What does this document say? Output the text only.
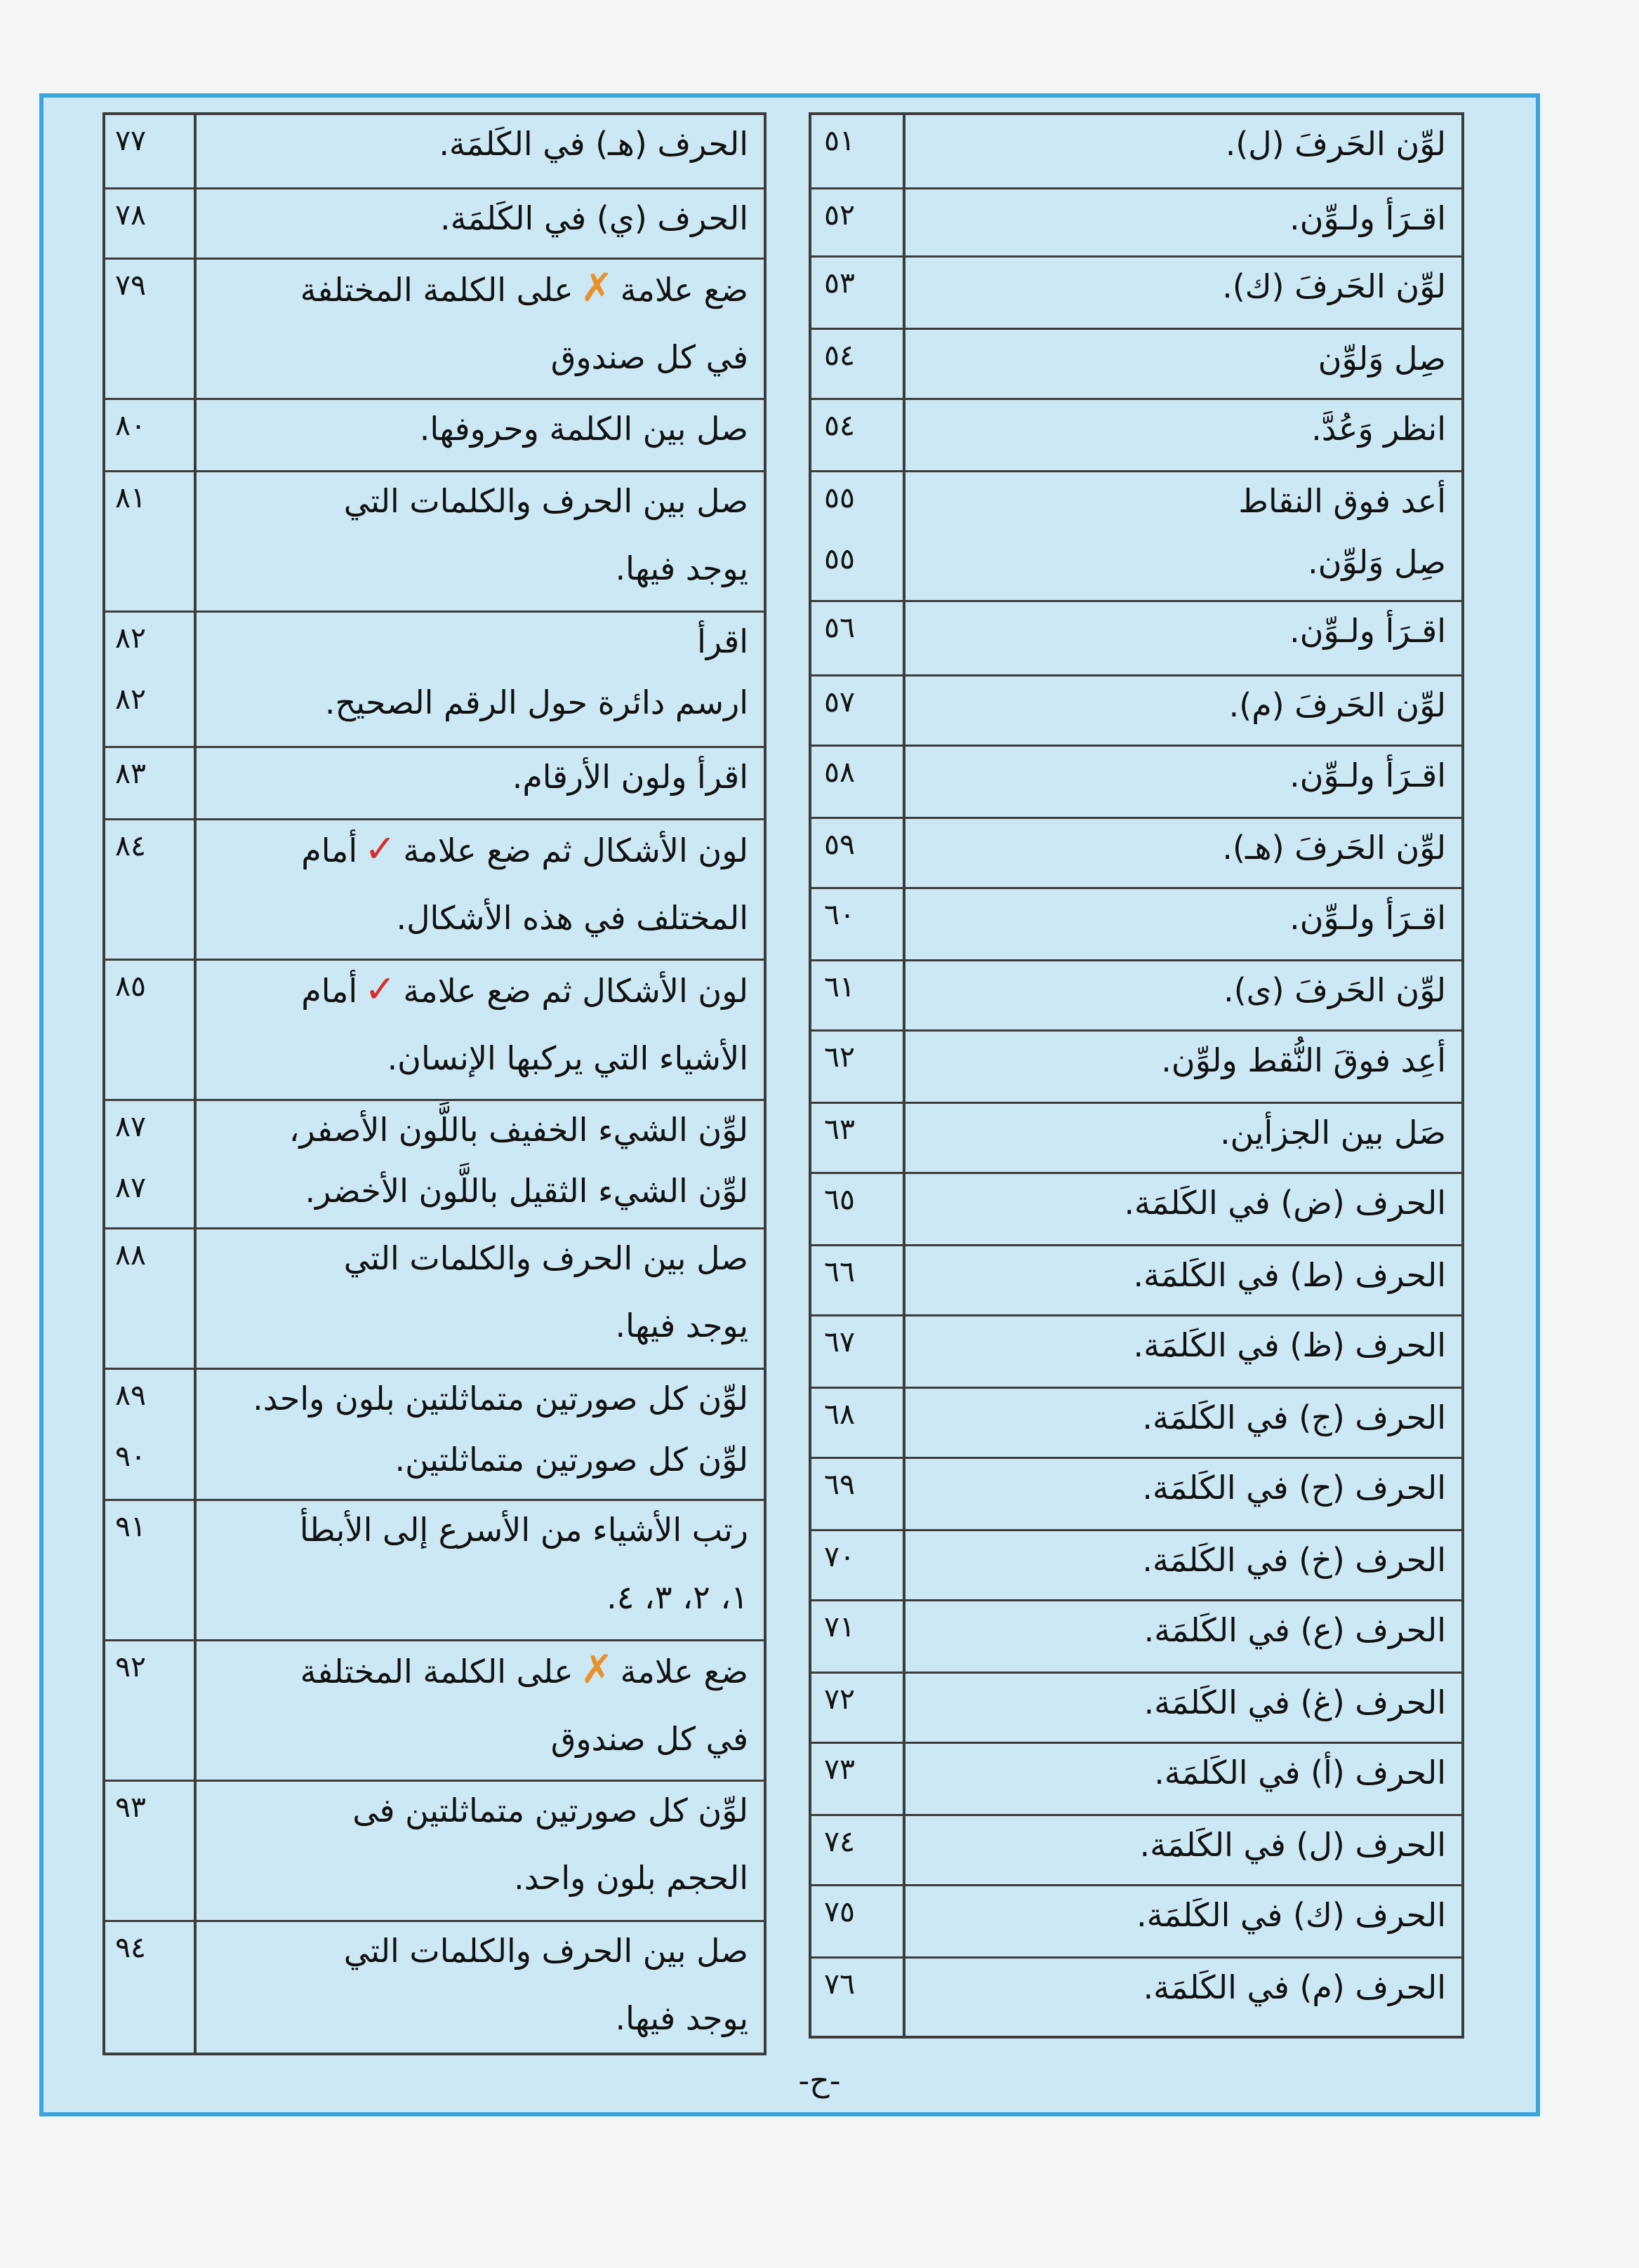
لوِّن الحَرفَ (ل).
٥١
اقـرَأ ولـوِّن.
٥٢
لوِّن الحَرفَ (ك).
٥٣
صِل وَلوِّن
٥٤
انظر وَعُدَّ.
٥٤
أعد فوق النقاط
٥٥
صِل وَلوِّن.
٥٥
اقـرَأ ولـوِّن.
٥٦
لوِّن الحَرفَ (م).
٥٧
اقـرَأ ولـوِّن.
٥٨
لوِّن الحَرفَ (هـ).
٥٩
اقـرَأ ولـوِّن.
٦٠
لوِّن الحَرفَ (ى).
٦١
أعِد فوقَ النُّقط ولوِّن.
٦٢
صَل بين الجزأين.
٦٣
الحرف (ض) في الكَلمَة.
٦٥
الحرف (ط) في الكَلمَة.
٦٦
الحرف (ظ) في الكَلمَة.
٦٧
الحرف (ج) في الكَلمَة.
٦٨
الحرف (ح) في الكَلمَة.
٦٩
الحرف (خ) في الكَلمَة.
٧٠
الحرف (ع) في الكَلمَة.
٧١
الحرف (غ) في الكَلمَة.
٧٢
الحرف (أ) في الكَلمَة.
٧٣
الحرف (ل) في الكَلمَة.
٧٤
الحرف (ك) في الكَلمَة.
٧٥
الحرف (م) في الكَلمَة.
٧٦
الحرف (هـ) في الكَلمَة.
٧٧
الحرف (ي) في الكَلمَة.
٧٨
ضع علامة✗على الكلمة المختلفة
في كل صندوق
٧٩
صل بين الكلمة وحروفها.
٨٠
صل بين الحرف والكلمات التي
يوجد فيها.
٨١
اقرأ
٨٢
ارسم دائرة حول الرقم الصحيح.
٨٢
اقرأ ولون الأرقام.
٨٣
لون الأشكال ثم ضع علامة✓أمام
المختلف في هذه الأشكال.
٨٤
لون الأشكال ثم ضع علامة✓أمام
الأشياء التي يركبها الإنسان.
٨٥
لوِّن الشيء الخفيف باللَّون الأصفر،
٨٧
لوِّن الشيء الثقيل باللَّون الأخضر.
٨٧
صل بين الحرف والكلمات التي
يوجد فيها.
٨٨
لوِّن كل صورتين متماثلتين بلون واحد.
٨٩
لوِّن كل صورتين متماثلتين.
٩٠
رتب الأشياء من الأسرع إلى الأبطأ
١، ٢، ٣، ٤.
٩١
ضع علامة✗على الكلمة المختلفة
في كل صندوق
٩٢
لوِّن كل صورتين متماثلتين فى
الحجم بلون واحد.
٩٣
صل بين الحرف والكلمات التي
يوجد فيها.
٩٤
-ح-
